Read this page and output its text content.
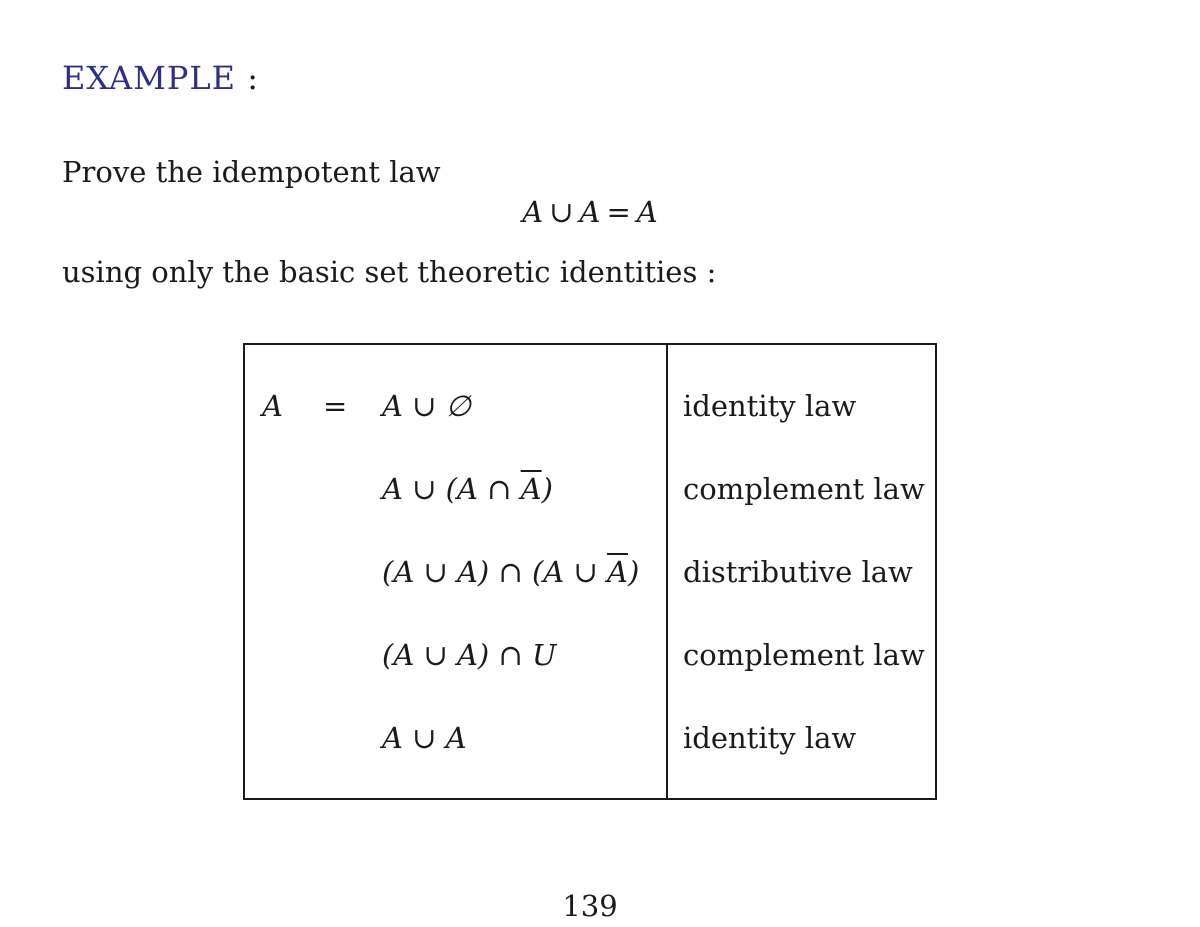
EXAMPLE :
Prove the idempotent law
A ∪ A = A
using only the basic set theoretic identities :
A = A ∪ ∅	identity law
A ∪ (A ∩ $\overline{A}$)	complement law
(A ∪ A) ∩ (A ∪ $\overline{A}$) distributive law
(A ∪ A) ∩ U	complement law
A ∪ A	identity law
139
